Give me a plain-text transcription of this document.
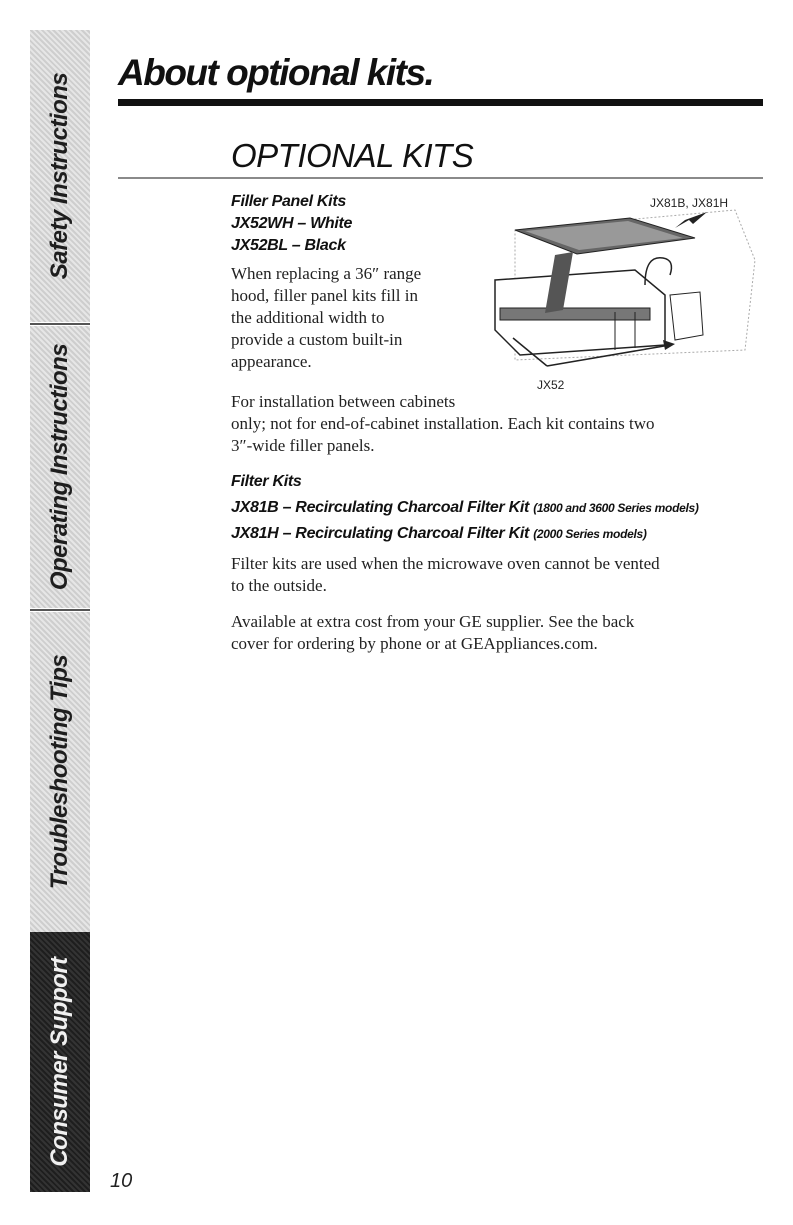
Safety Instructions
Operating Instructions
Troubleshooting Tips
Consumer Support
About optional kits.
OPTIONAL KITS
Filler Panel Kits
JX52WH – White
JX52BL – Black
When replacing a 36″ range
hood, filler panel kits fill in
the additional width to
provide a custom built-in
appearance.
JX81B, JX81H
JX52
For installation between cabinets
only; not for end-of-cabinet installation. Each kit contains two
3″-wide filler panels.
Filter Kits
JX81B – Recirculating Charcoal Filter Kit (1800 and 3600 Series models)
JX81H – Recirculating Charcoal Filter Kit (2000 Series models)
Filter kits are used when the microwave oven cannot be vented
to the outside.
Available at extra cost from your GE supplier. See the back
cover for ordering by phone or at GEAppliances.com.
10
